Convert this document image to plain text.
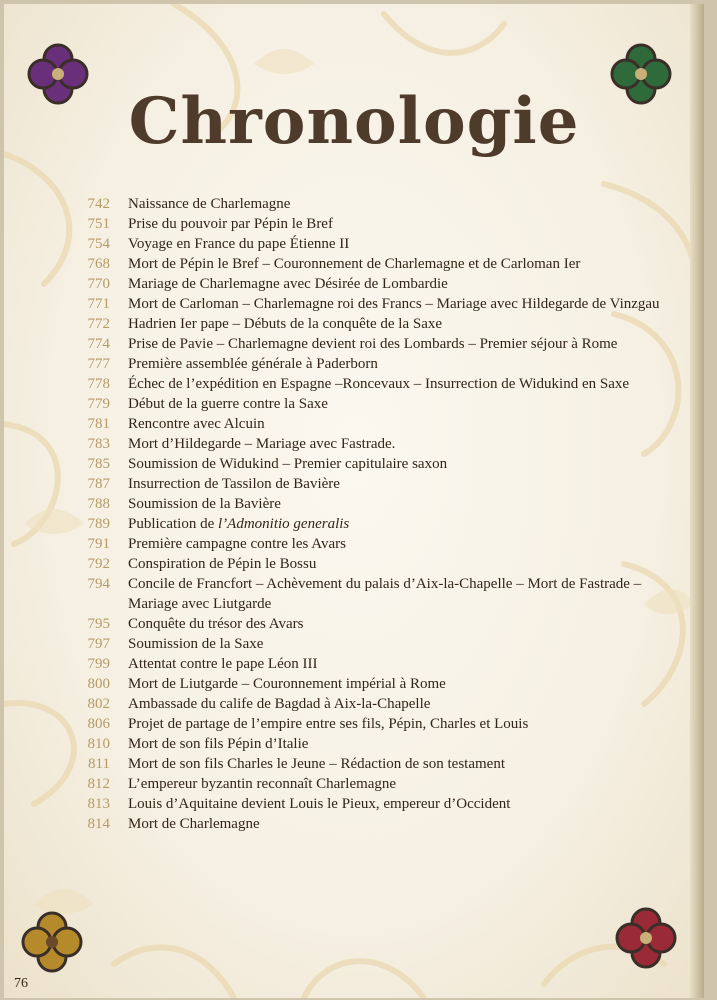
Chronologie
742	Naissance de Charlemagne
751	Prise du pouvoir par Pépin le Bref
754	Voyage en France du pape Étienne II
768	Mort de Pépin le Bref – Couronnement de Charlemagne et de Carloman Ier
770	Mariage de Charlemagne avec Désirée de Lombardie
771	Mort de Carloman – Charlemagne roi des Francs – Mariage avec Hildegarde de Vinzgau
772	Hadrien Ier pape – Débuts de la conquête de la Saxe
774	Prise de Pavie – Charlemagne devient roi des Lombards – Premier séjour à Rome
777	Première assemblée générale à Paderborn
778	Échec de l’expédition en Espagne –Roncevaux – Insurrection de Widukind en Saxe
779	Début de la guerre contre la Saxe
781	Rencontre avec Alcuin
783	Mort d’Hildegarde – Mariage avec Fastrade.
785	Soumission de Widukind – Premier capitulaire saxon
787	Insurrection de Tassilon de Bavière
788	Soumission de la Bavière
789	Publication de l’Admonitio generalis
791	Première campagne contre les Avars
792	Conspiration de Pépin le Bossu
794	Concile de Francfort – Achèvement du palais d’Aix-la-Chapelle – Mort de Fastrade – Mariage avec Liutgarde
795	Conquête du trésor des Avars
797	Soumission de la Saxe
799	Attentat contre le pape Léon III
800	Mort de Liutgarde – Couronnement impérial à Rome
802	Ambassade du calife de Bagdad à Aix-la-Chapelle
806	Projet de partage de l’empire entre ses fils, Pépin, Charles et Louis
810	Mort de son fils Pépin d’Italie
811	Mort de son fils Charles le Jeune – Rédaction de son testament
812	L’empereur byzantin reconnaît Charlemagne
813	Louis d’Aquitaine devient Louis le Pieux, empereur d’Occident
814	Mort de Charlemagne
76
